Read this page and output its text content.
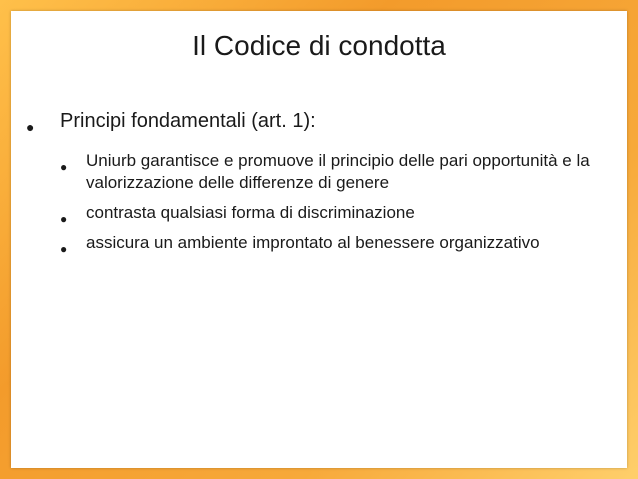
Il Codice di condotta
● Principi fondamentali (art. 1):
● Uniurb garantisce e promuove il principio delle pari opportunità e la valorizzazione delle differenze di genere
● contrasta qualsiasi forma di discriminazione
● assicura un ambiente improntato al benessere organizzativo
